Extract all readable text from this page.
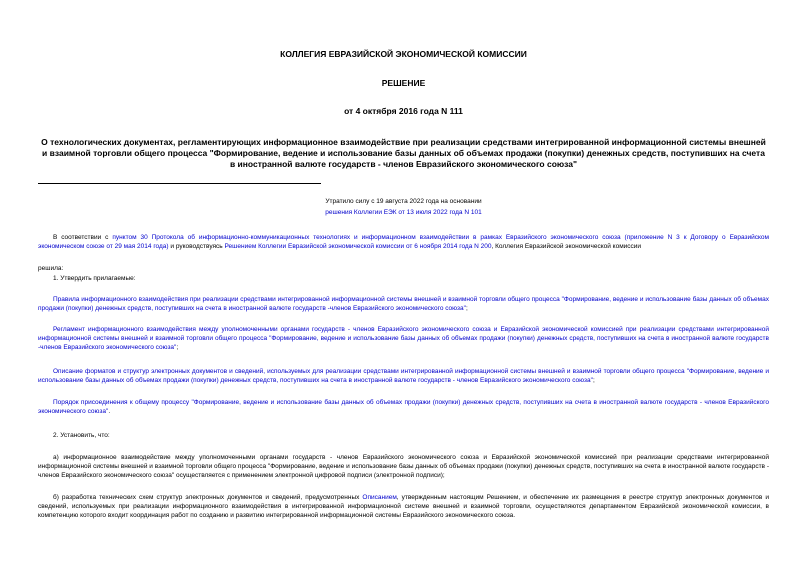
КОЛЛЕГИЯ ЕВРАЗИЙСКОЙ ЭКОНОМИЧЕСКОЙ КОМИССИИ
РЕШЕНИЕ
от 4 октября 2016 года N 111
О технологических документах, регламентирующих информационное взаимодействие при реализации средствами интегрированной информационной системы внешней и взаимной торговли общего процесса "Формирование, ведение и использование базы данных об объемах продажи (покупки) денежных средств, поступивших на счета в иностранной валюте государств - членов Евразийского экономического союза"
Утратило силу с 19 августа 2022 года на основании
решения Коллегии ЕЭК от 13 июля 2022 года N 101
В соответствии с пунктом 30 Протокола об информационно-коммуникационных технологиях и информационном взаимодействии в рамках Евразийского экономического союза (приложение N 3 к Договору о Евразийском экономическом союзе от 29 мая 2014 года) и руководствуясь Решением Коллегии Евразийской экономической комиссии от 6 ноября 2014 года N 200, Коллегия Евразийской экономической комиссии
решила:
1. Утвердить прилагаемые:
Правила информационного взаимодействия при реализации средствами интегрированной информационной системы внешней и взаимной торговли общего процесса "Формирование, ведение и использование базы данных об объемах продажи (покупки) денежных средств, поступивших на счета в иностранной валюте государств -членов Евразийского экономического союза";
Регламент информационного взаимодействия между уполномоченными органами государств - членов Евразийского экономического союза и Евразийской экономической комиссией при реализации средствами интегрированной информационной системы внешней и взаимной торговли общего процесса "Формирование, ведение и использование базы данных об объемах продажи (покупки) денежных средств, поступивших на счета в иностранной валюте государств -членов Евразийского экономического союза";
Описание форматов и структур электронных документов и сведений, используемых для реализации средствами интегрированной информационной системы внешней и взаимной торговли общего процесса "Формирование, ведение и использование базы данных об объемах продажи (покупки) денежных средств, поступивших на счета в иностранной валюте государств - членов Евразийского экономического союза";
Порядок присоединения к общему процессу "Формирование, ведение и использование базы данных об объемах продажи (покупки) денежных средств, поступивших на счета в иностранной валюте государств - членов Евразийского экономического союза".
2. Установить, что:
а) информационное взаимодействие между уполномоченными органами государств - членов Евразийского экономического союза и Евразийской экономической комиссией при реализации средствами интегрированной информационной системы внешней и взаимной торговли общего процесса "Формирование, ведение и использование базы данных об объемах продажи (покупки) денежных средств, поступивших на счета в иностранной валюте государств - членов Евразийского экономического союза" осуществляется с применением электронной цифровой подписи (электронной подписи);
б) разработка технических схем структур электронных документов и сведений, предусмотренных Описанием, утвержденным настоящим Решением, и обеспечение их размещения в реестре структур электронных документов и сведений, используемых при реализации информационного взаимодействия в интегрированной информационной системе внешней и взаимной торговли, осуществляются департаментом Евразийской экономической комиссии, в компетенцию которого входит координация работ по созданию и развитию интегрированной информационной системы Евразийского экономического союза.
